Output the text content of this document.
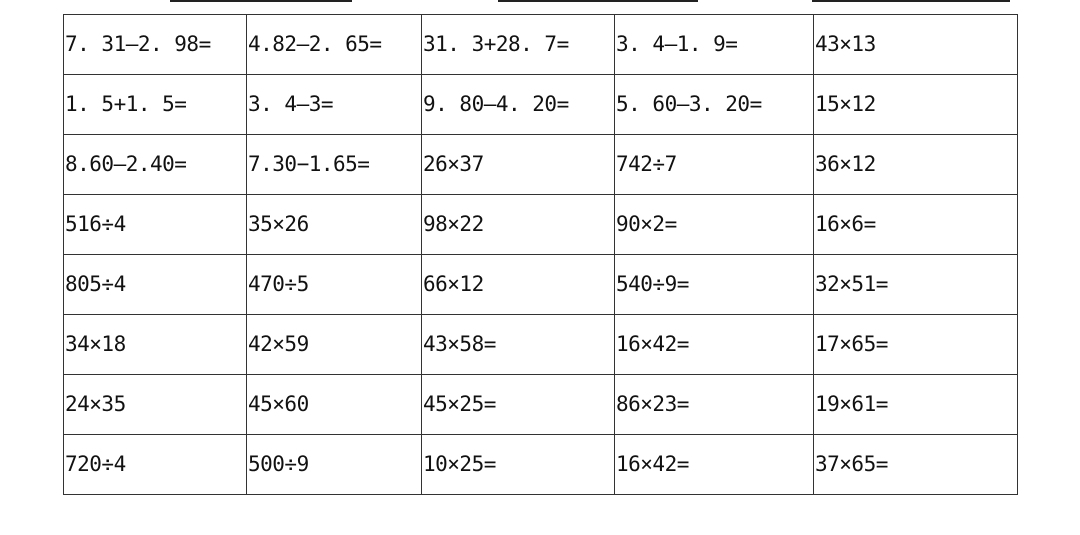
7. 31—2. 98=	4.82—2. 65=	31. 3+28. 7=	3. 4—1. 9=	43×13
1. 5+1. 5=	3. 4—3=	9. 80—4. 20=	5. 60—3. 20=	15×12
8.60—2.40=	7.30−1.65=	26×37	742÷7	36×12
516÷4	35×26	98×22	90×2=	16×6=
805÷4	470÷5	66×12	540÷9=	32×51=
34×18	42×59	43×58=	16×42=	17×65=
24×35	45×60	45×25=	86×23=	19×61=
720÷4	500÷9	10×25=	16×42=	37×65=
